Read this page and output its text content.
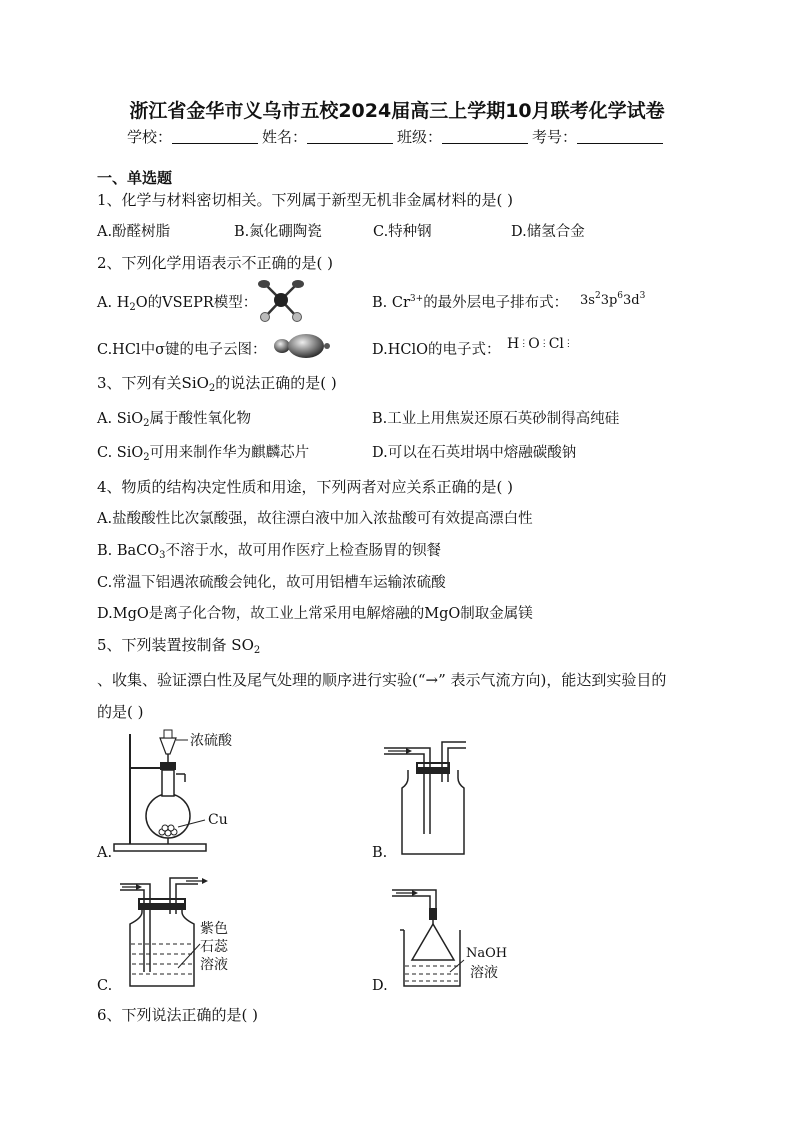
浙江省金华市义乌市五校2024届高三上学期10月联考化学试卷
学校：	姓名：	班级：	考号：
一、单选题
1、化学与材料密切相关。下列属于新型无机非金属材料的是( )
A.酚醛树脂	B.氮化硼陶瓷	C.特种钢	D.储氢合金
2、下列化学用语表示不正确的是( )
A. $H_2O$的VSEPR模型：	B. $Cr^{3+}$的最外层电子排布式： $3s^23p^63d^3$
C.HCl中σ键的电子云图：	D.HClO的电子式： H⋮O⋮Cl⋮
3、下列有关SiO$_2$的说法正确的是( )
A. SiO$_2$属于酸性氧化物	B.工业上用焦炭还原石英砂制得高纯硅
C. SiO$_2$可用来制作华为麒麟芯片	D.可以在石英坩埚中熔融碳酸钠
4、物质的结构决定性质和用途，下列两者对应关系正确的是( )
A.盐酸酸性比次氯酸强，故往漂白液中加入浓盐酸可有效提高漂白性
B. BaCO$_3$不溶于水，故可用作医疗上检查肠胃的钡餐
C.常温下铝遇浓硫酸会钝化，故可用铝槽车运输浓硫酸
D.MgO是离子化合物，故工业上常采用电解熔融的MgO制取金属镁
5、下列装置按制备 $SO_2$
、收集、验证漂白性及尾气处理的顺序进行实验(“→” 表示气流方向)，能达到实验目的
的是( )
浓硫酸
Cu
A.	B.
紫色
石蕊
溶液
C.
NaOH
溶液
D.
6、下列说法正确的是( )
